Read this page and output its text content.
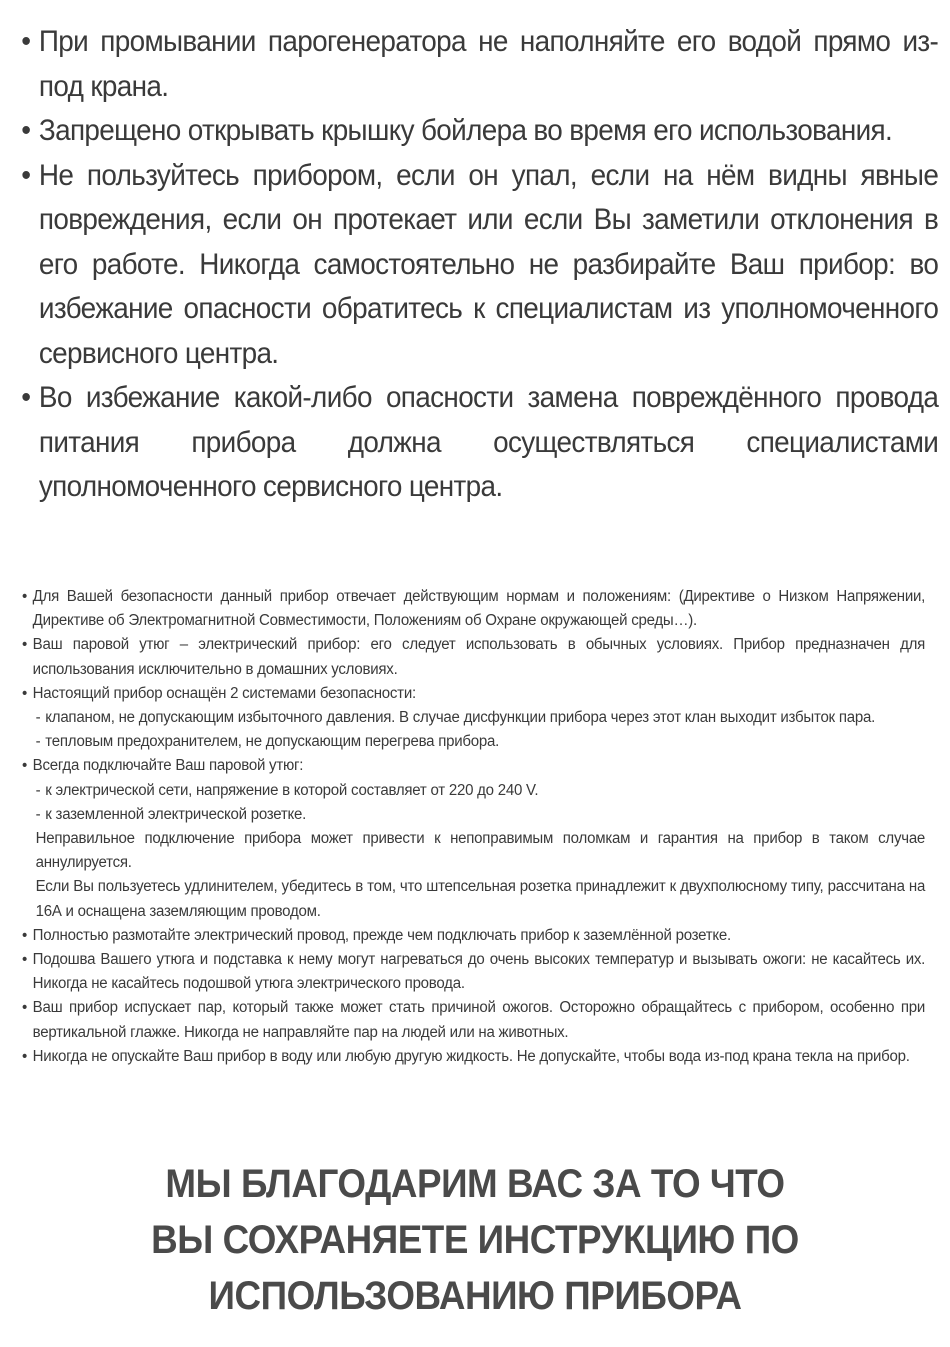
• При промывании парогенератора не наполняйте его водой прямо из-под крана.
• Запрещено открывать крышку бойлера во время его использования.
• Не пользуйтесь прибором, если он упал, если на нём видны явные повреждения, если он протекает или если Вы заметили отклонения в его работе. Никогда самостоятельно не разбирайте Ваш прибор: во избежание опасности обратитесь к специалистам из уполномоченного сервисного центра.
• Во избежание какой-либо опасности замена повреждённого провода питания прибора должна осуществляться специалистами уполномоченного сервисного центра.
• Для Вашей безопасности данный прибор отвечает действующим нормам и положениям: (Директиве о Низком Напряжении, Директиве об Электромагнитной Совместимости, Положениям об Охране окружающей среды…).
• Ваш паровой утюг – электрический прибор: его следует использовать в обычных условиях. Прибор предназначен для использования исключительно в домашних условиях.
• Настоящий прибор оснащён 2 системами безопасности:
- клапаном, не допускающим избыточного давления. В случае дисфункции прибора через этот клан выходит избыток пара.
- тепловым предохранителем, не допускающим перегрева прибора.
• Всегда подключайте Ваш паровой утюг:
- к электрической сети, напряжение в которой составляет от 220 до 240 V.
- к заземленной электрической розетке.
Неправильное подключение прибора может привести к непоправимым поломкам и гарантия на прибор в таком случае аннулируется.
Если Вы пользуетесь удлинителем, убедитесь в том, что штепсельная розетка принадлежит к двухполюсному типу, рассчитана на 16А и оснащена заземляющим проводом.
• Полностью размотайте электрический провод, прежде чем подключать прибор к заземлённой розетке.
• Подошва Вашего утюга и подставка к нему могут нагреваться до очень высоких температур и вызывать ожоги: не касайтесь их. Никогда не касайтесь подошвой утюга электрического провода.
• Ваш прибор испускает пар, который также может стать причиной ожогов. Осторожно обращайтесь с прибором, особенно при вертикальной глажке. Никогда не направляйте пар на людей или на животных.
• Никогда не опускайте Ваш прибор в воду или любую другую жидкость. Не допускайте, чтобы вода из-под крана текла на прибор.
МЫ БЛАГОДАРИМ ВАС ЗА ТО ЧТО
ВЫ СОХРАНЯЕТЕ ИНСТРУКЦИЮ ПО
ИСПОЛЬЗОВАНИЮ ПРИБОРА
